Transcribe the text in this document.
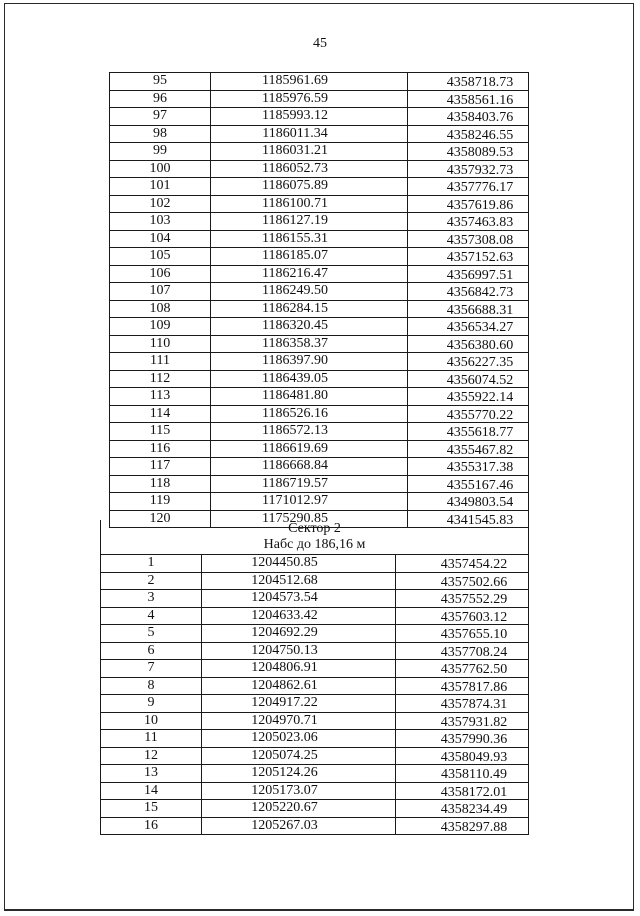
45
95	1185961.69	4358718.73
96	1185976.59	4358561.16
97	1185993.12	4358403.76
98	1186011.34	4358246.55
99	1186031.21	4358089.53
100	1186052.73	4357932.73
101	1186075.89	4357776.17
102	1186100.71	4357619.86
103	1186127.19	4357463.83
104	1186155.31	4357308.08
105	1186185.07	4357152.63
106	1186216.47	4356997.51
107	1186249.50	4356842.73
108	1186284.15	4356688.31
109	1186320.45	4356534.27
110	1186358.37	4356380.60
111	1186397.90	4356227.35
112	1186439.05	4356074.52
113	1186481.80	4355922.14
114	1186526.16	4355770.22
115	1186572.13	4355618.77
116	1186619.69	4355467.82
117	1186668.84	4355317.38
118	1186719.57	4355167.46
119	1171012.97	4349803.54
120	1175290.85	4341545.83
Сектор 2
Набс до 186,16 м
1	1204450.85	4357454.22
2	1204512.68	4357502.66
3	1204573.54	4357552.29
4	1204633.42	4357603.12
5	1204692.29	4357655.10
6	1204750.13	4357708.24
7	1204806.91	4357762.50
8	1204862.61	4357817.86
9	1204917.22	4357874.31
10	1204970.71	4357931.82
11	1205023.06	4357990.36
12	1205074.25	4358049.93
13	1205124.26	4358110.49
14	1205173.07	4358172.01
15	1205220.67	4358234.49
16	1205267.03	4358297.88
